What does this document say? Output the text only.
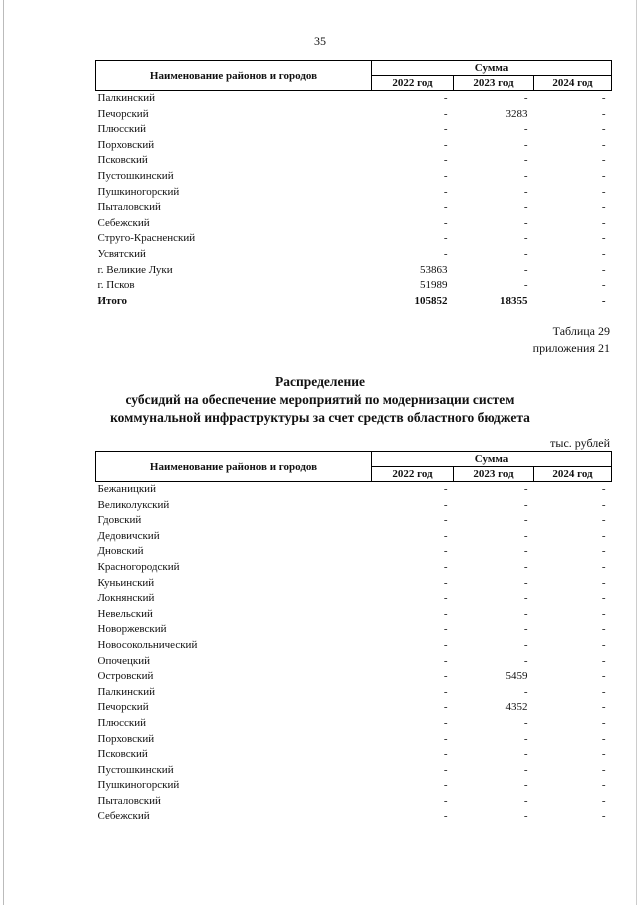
35
Наименование районов и городов	Сумма		
	2022 год	2023 год	2024 год
Палкинский	-	-	-
Печорский	-	3283	-
Плюсский	-	-	-
Порховский	-	-	-
Псковский	-	-	-
Пустошкинский	-	-	-
Пушкиногорский	-	-	-
Пыталовский	-	-	-
Себежский	-	-	-
Струго-Красненский	-	-	-
Усвятский	-	-	-
г. Великие Луки	53863	-	-
г. Псков	51989	-	-
Итого	105852	18355	-
Таблица 29
приложения 21
Распределение
субсидий на обеспечение мероприятий по модернизации систем
коммунальной инфраструктуры за счет средств областного бюджета
тыс. рублей
Наименование районов и городов	Сумма		
	2022 год	2023 год	2024 год
Бежаницкий	-	-	-
Великолукский	-	-	-
Гдовский	-	-	-
Дедовичский	-	-	-
Дновский	-	-	-
Красногородский	-	-	-
Куньинский	-	-	-
Локнянский	-	-	-
Невельский	-	-	-
Новоржевский	-	-	-
Новосокольнический	-	-	-
Опочецкий	-	-	-
Островский	-	5459	-
Палкинский	-	-	-
Печорский	-	4352	-
Плюсский	-	-	-
Порховский	-	-	-
Псковский	-	-	-
Пустошкинский	-	-	-
Пушкиногорский	-	-	-
Пыталовский	-	-	-
Себежский	-	-	-
